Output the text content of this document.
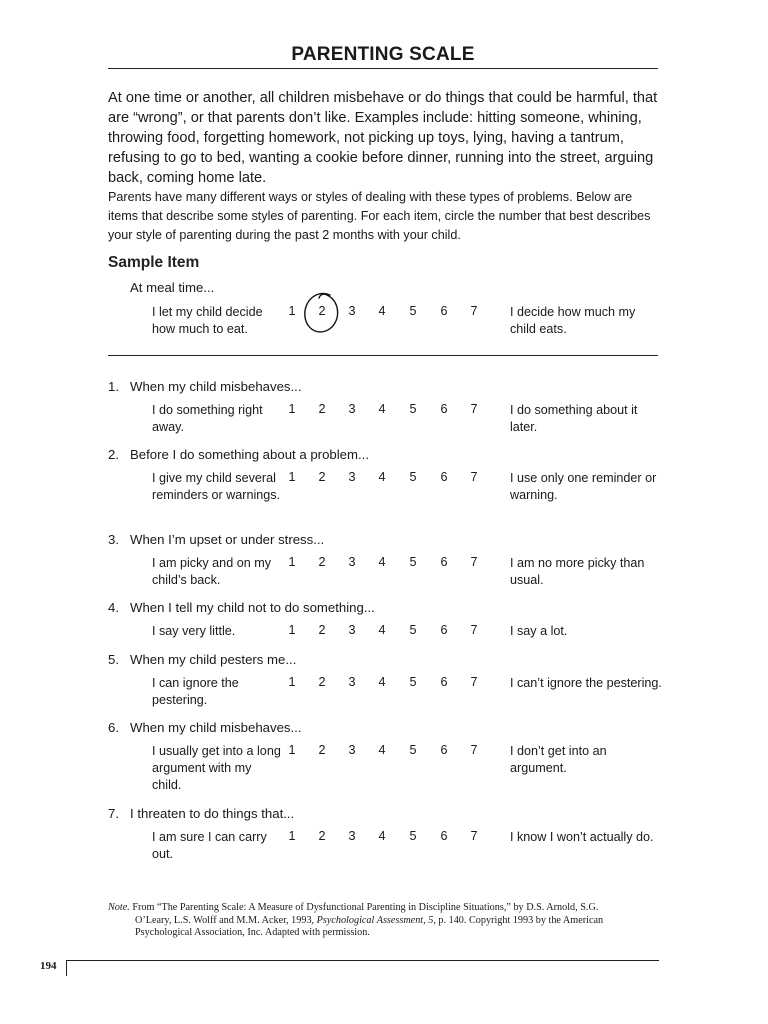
PARENTING SCALE
At one time or another, all children misbehave or do things that could be harmful, that are “wrong”, or that parents don’t like. Examples include: hitting someone, whining, throwing food, forgetting homework, not picking up toys, lying, having a tantrum, refusing to go to bed, wanting a cookie before dinner, running into the street, arguing back, coming home late.
Parents have many different ways or styles of dealing with these types of problems. Below are items that describe some styles of parenting. For each item, circle the number that best describes your style of parenting during the past 2 months with your child.
Sample Item
At meal time...
I let my child decide how much to eat.
I decide how much my child eats.
1 2 3 4 5 6 7
1. When my child misbehaves...
I do something right away.
I do something about it later.
1 2 3 4 5 6 7
2. Before I do something about a problem...
I give my child several reminders or warnings.
I use only one reminder or warning.
1 2 3 4 5 6 7
3. When I’m upset or under stress...
I am picky and on my child’s back.
I am no more picky than usual.
1 2 3 4 5 6 7
4. When I tell my child not to do something...
I say very little.	I say a lot.
1 2 3 4 5 6 7
5. When my child pesters me...
I can ignore the pestering.
I can’t ignore the pestering.
1 2 3 4 5 6 7
6. When my child misbehaves...
I usually get into a long argument with my child.
I don’t get into an argument.
1 2 3 4 5 6 7
7. I threaten to do things that...
I am sure I can carry out.
I know I won’t actually do.
1 2 3 4 5 6 7
Note. From “The Parenting Scale: A Measure of Dysfunctional Parenting in Discipline Situations,” by D.S. Arnold, S.G.
O’Leary, L.S. Wolff and M.M. Acker, 1993, Psychological Assessment, 5, p. 140. Copyright 1993 by the American
Psychological Association, Inc. Adapted with permission.
194
